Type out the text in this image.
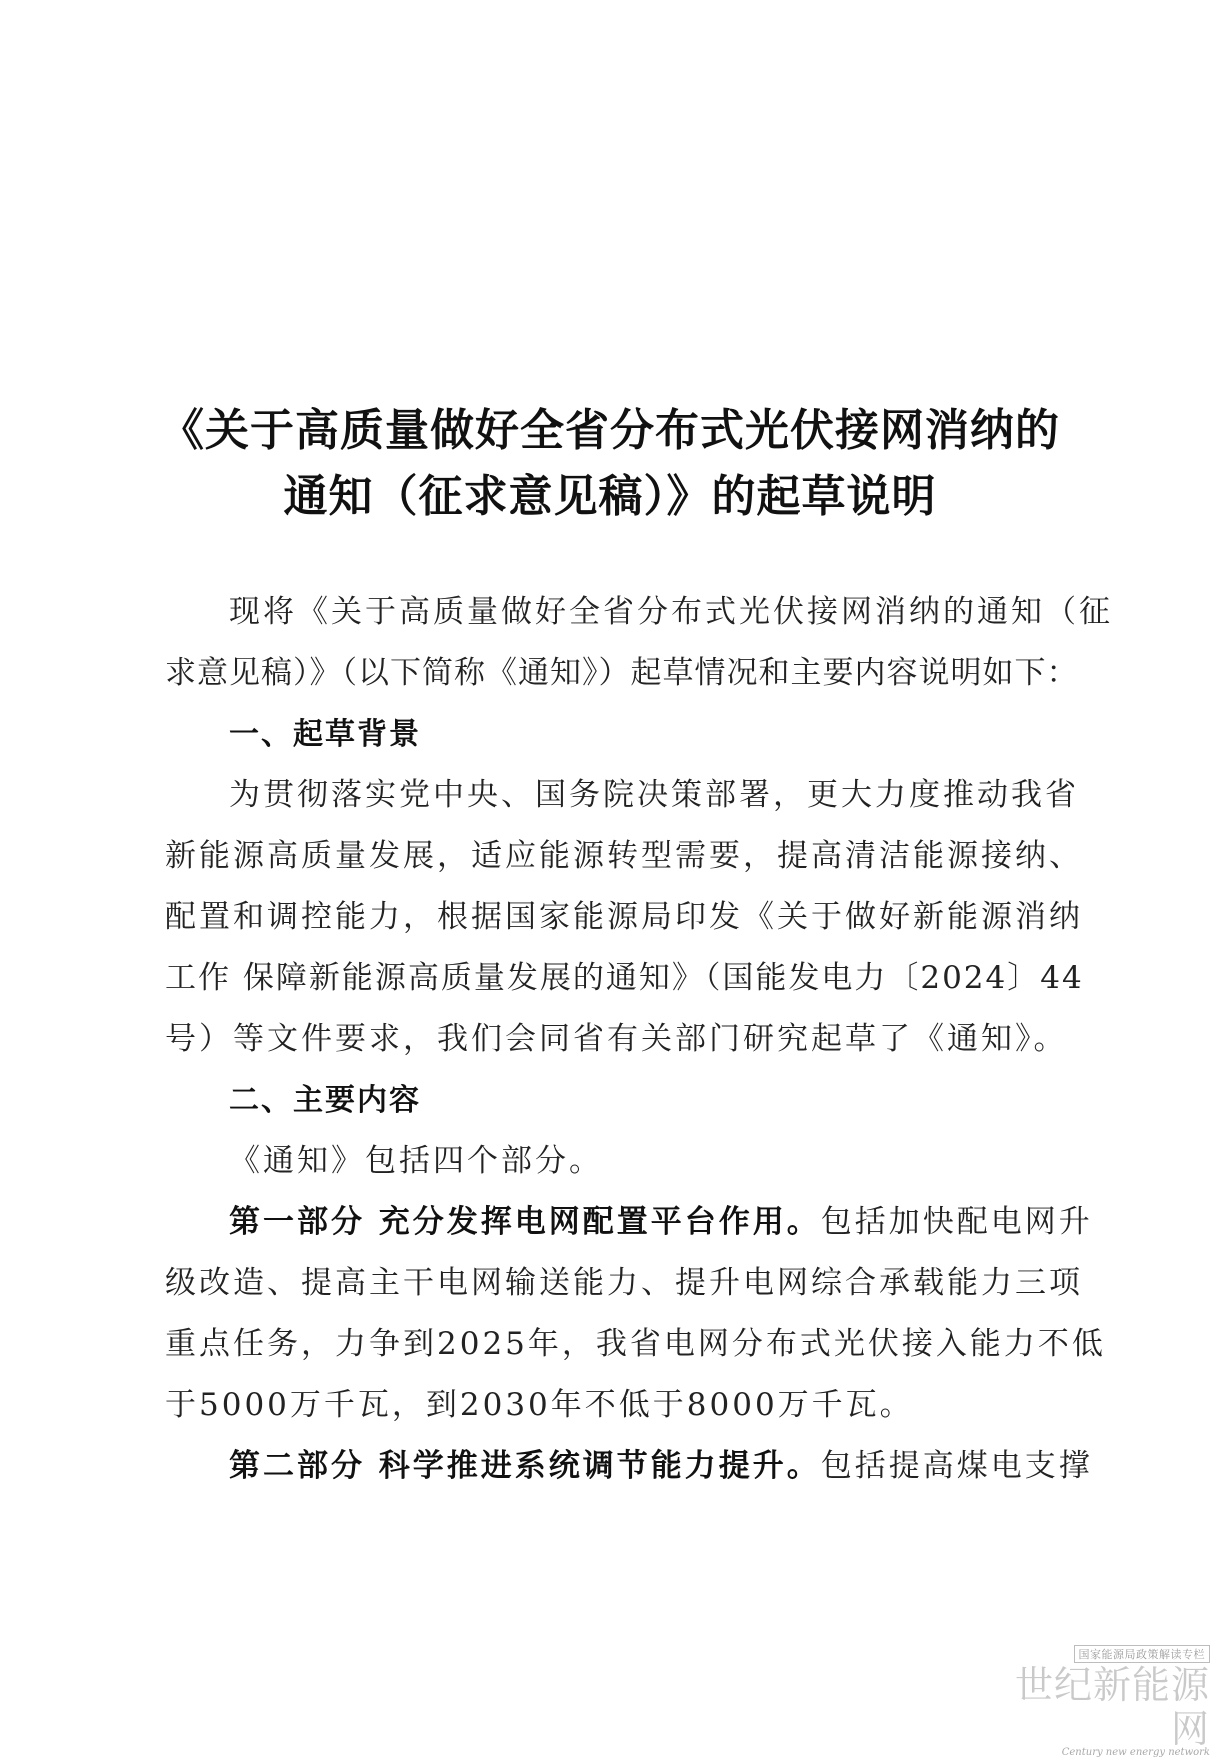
《关于高质量做好全省分布式光伏接网消纳的
通知（征求意见稿）》的起草说明
现将《关于高质量做好全省分布式光伏接网消纳的通知（征
求意见稿）》（以下简称《通知》）起草情况和主要内容说明如下：
一、起草背景
为贯彻落实党中央、国务院决策部署，更大力度推动我省
新能源高质量发展，适应能源转型需要，提高清洁能源接纳、
配置和调控能力，根据国家能源局印发《关于做好新能源消纳
工作 保障新能源高质量发展的通知》（国能发电力〔2024〕44
号）等文件要求，我们会同省有关部门研究起草了《通知》。
二、主要内容
《通知》包括四个部分。
第一部分 充分发挥电网配置平台作用。包括加快配电网升
级改造、提高主干电网输送能力、提升电网综合承载能力三项
重点任务，力争到2025年，我省电网分布式光伏接入能力不低
于5000万千瓦，到2030年不低于8000万千瓦。
第二部分 科学推进系统调节能力提升。包括提高煤电支撑
国家能源局政策解读专栏
世纪新能源网
Century new energy network
